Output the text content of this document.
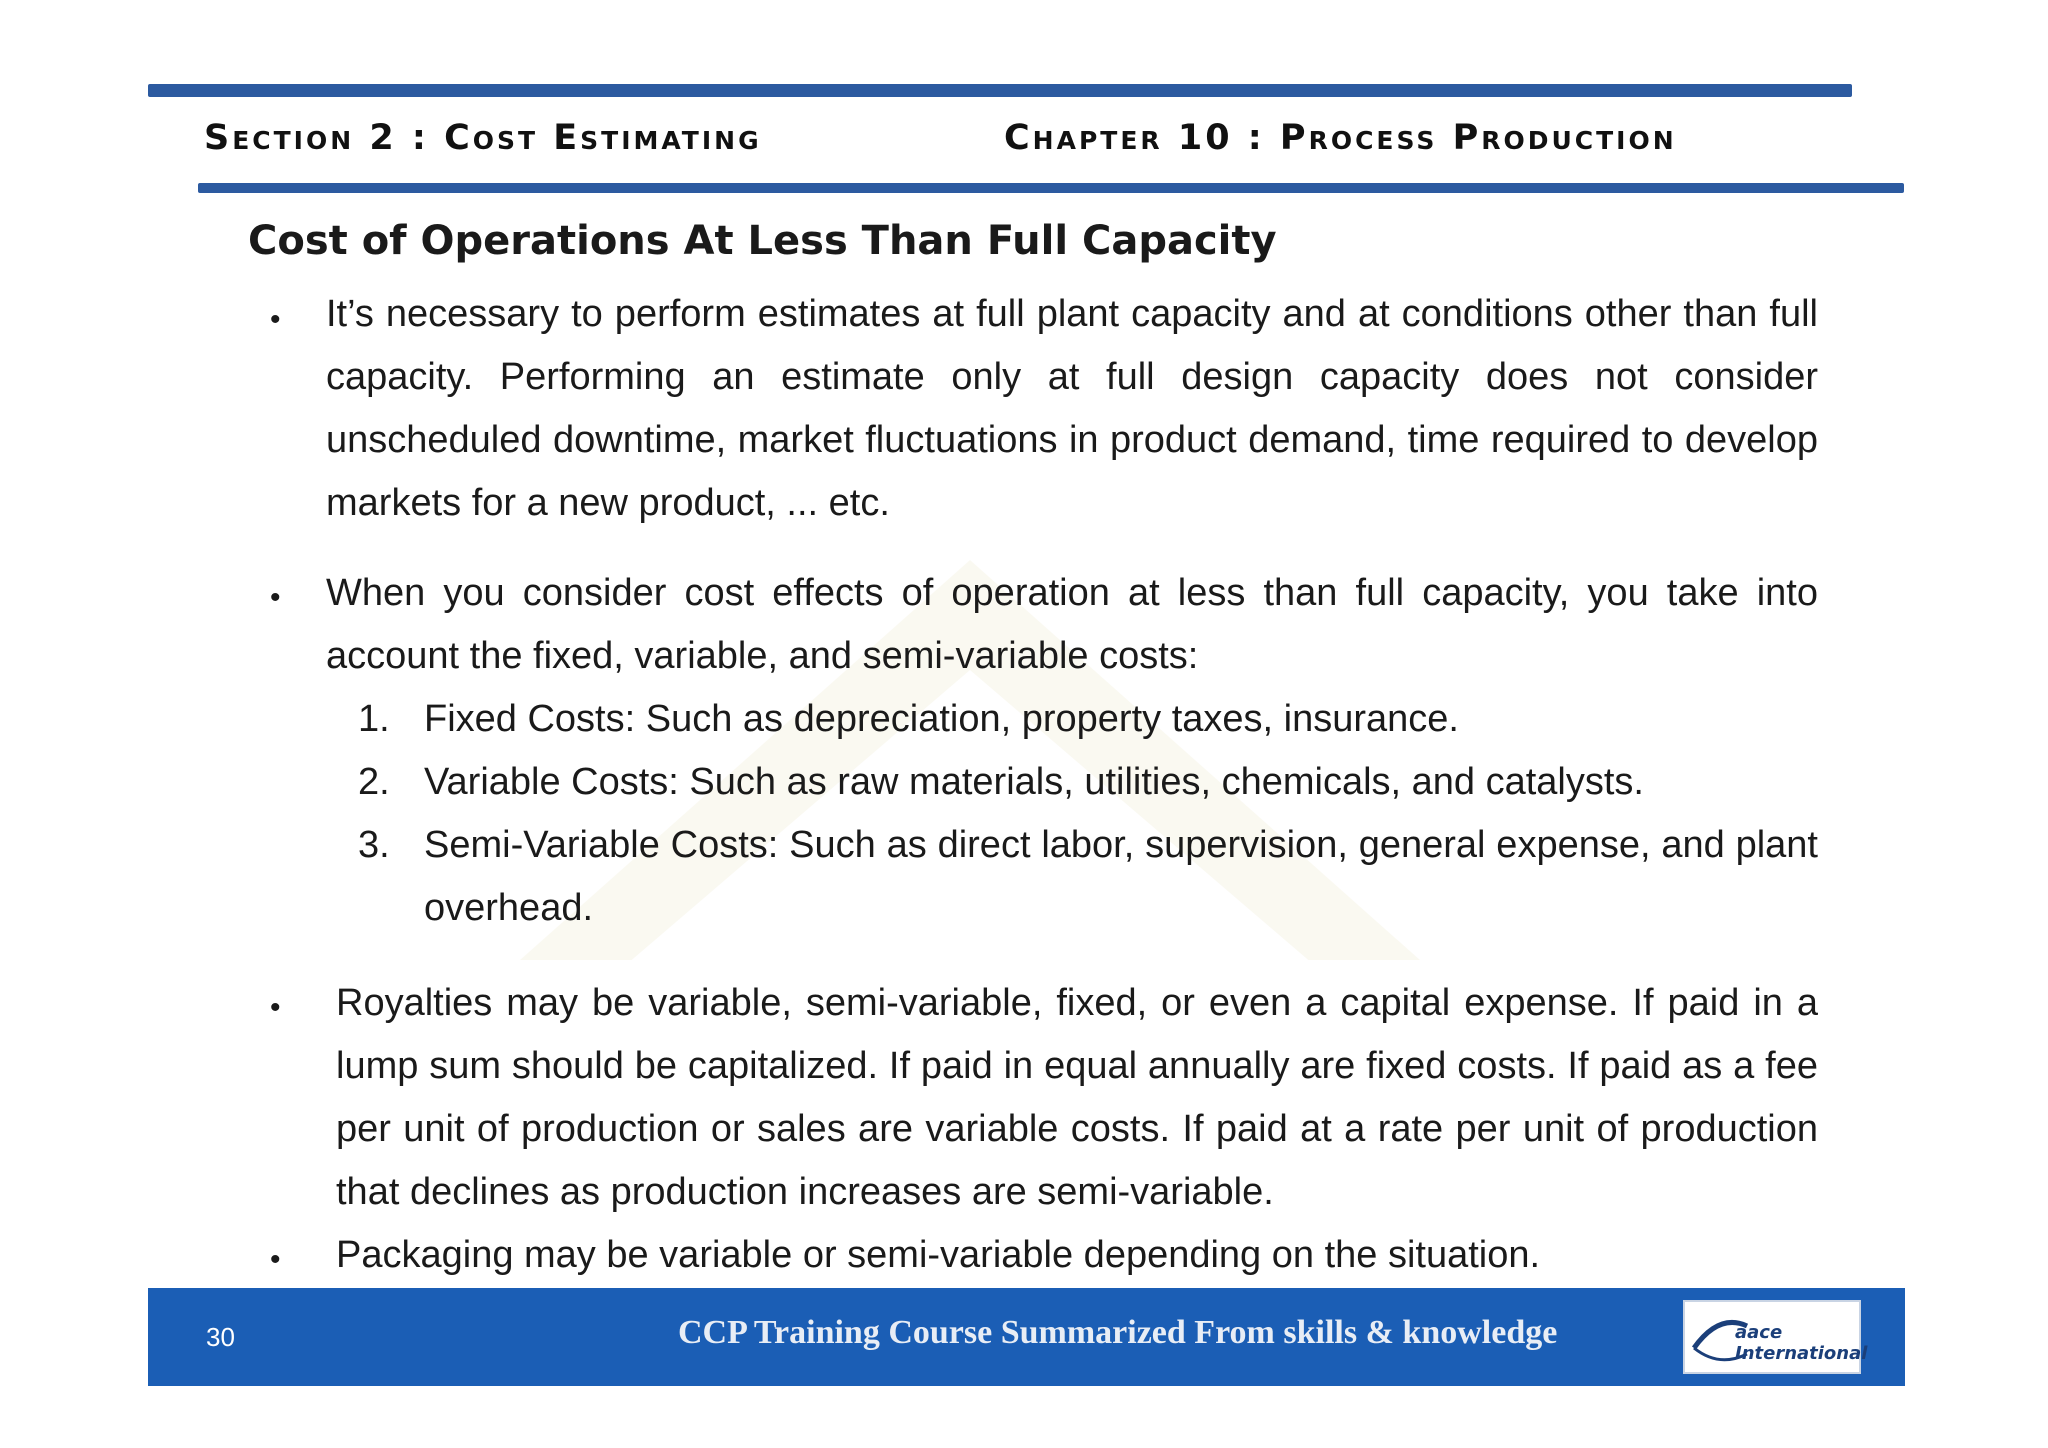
Section 2 : Cost Estimating	Chapter 10 : Process Production
Cost of Operations At Less Than Full Capacity
• It’s necessary to perform estimates at full plant capacity and at conditions other than full capacity. Performing an estimate only at full design capacity does not consider unscheduled downtime, market fluctuations in product demand, time required to develop markets for a new product, ... etc.
• When you consider cost effects of operation at less than full capacity, you take into account the fixed, variable, and semi-variable costs:
1. Fixed Costs: Such as depreciation, property taxes, insurance.
2. Variable Costs: Such as raw materials, utilities, chemicals, and catalysts.
3. Semi-Variable Costs: Such as direct labor, supervision, general expense, and plant overhead.
• Royalties may be variable, semi-variable, fixed, or even a capital expense. If paid in a lump sum should be capitalized. If paid in equal annually are fixed costs. If paid as a fee per unit of production or sales are variable costs. If paid at a rate per unit of production that declines as production increases are semi-variable.
• Packaging may be variable or semi-variable depending on the situation.
30	CCP Training Course Summarized From skills & knowledge	aace International
